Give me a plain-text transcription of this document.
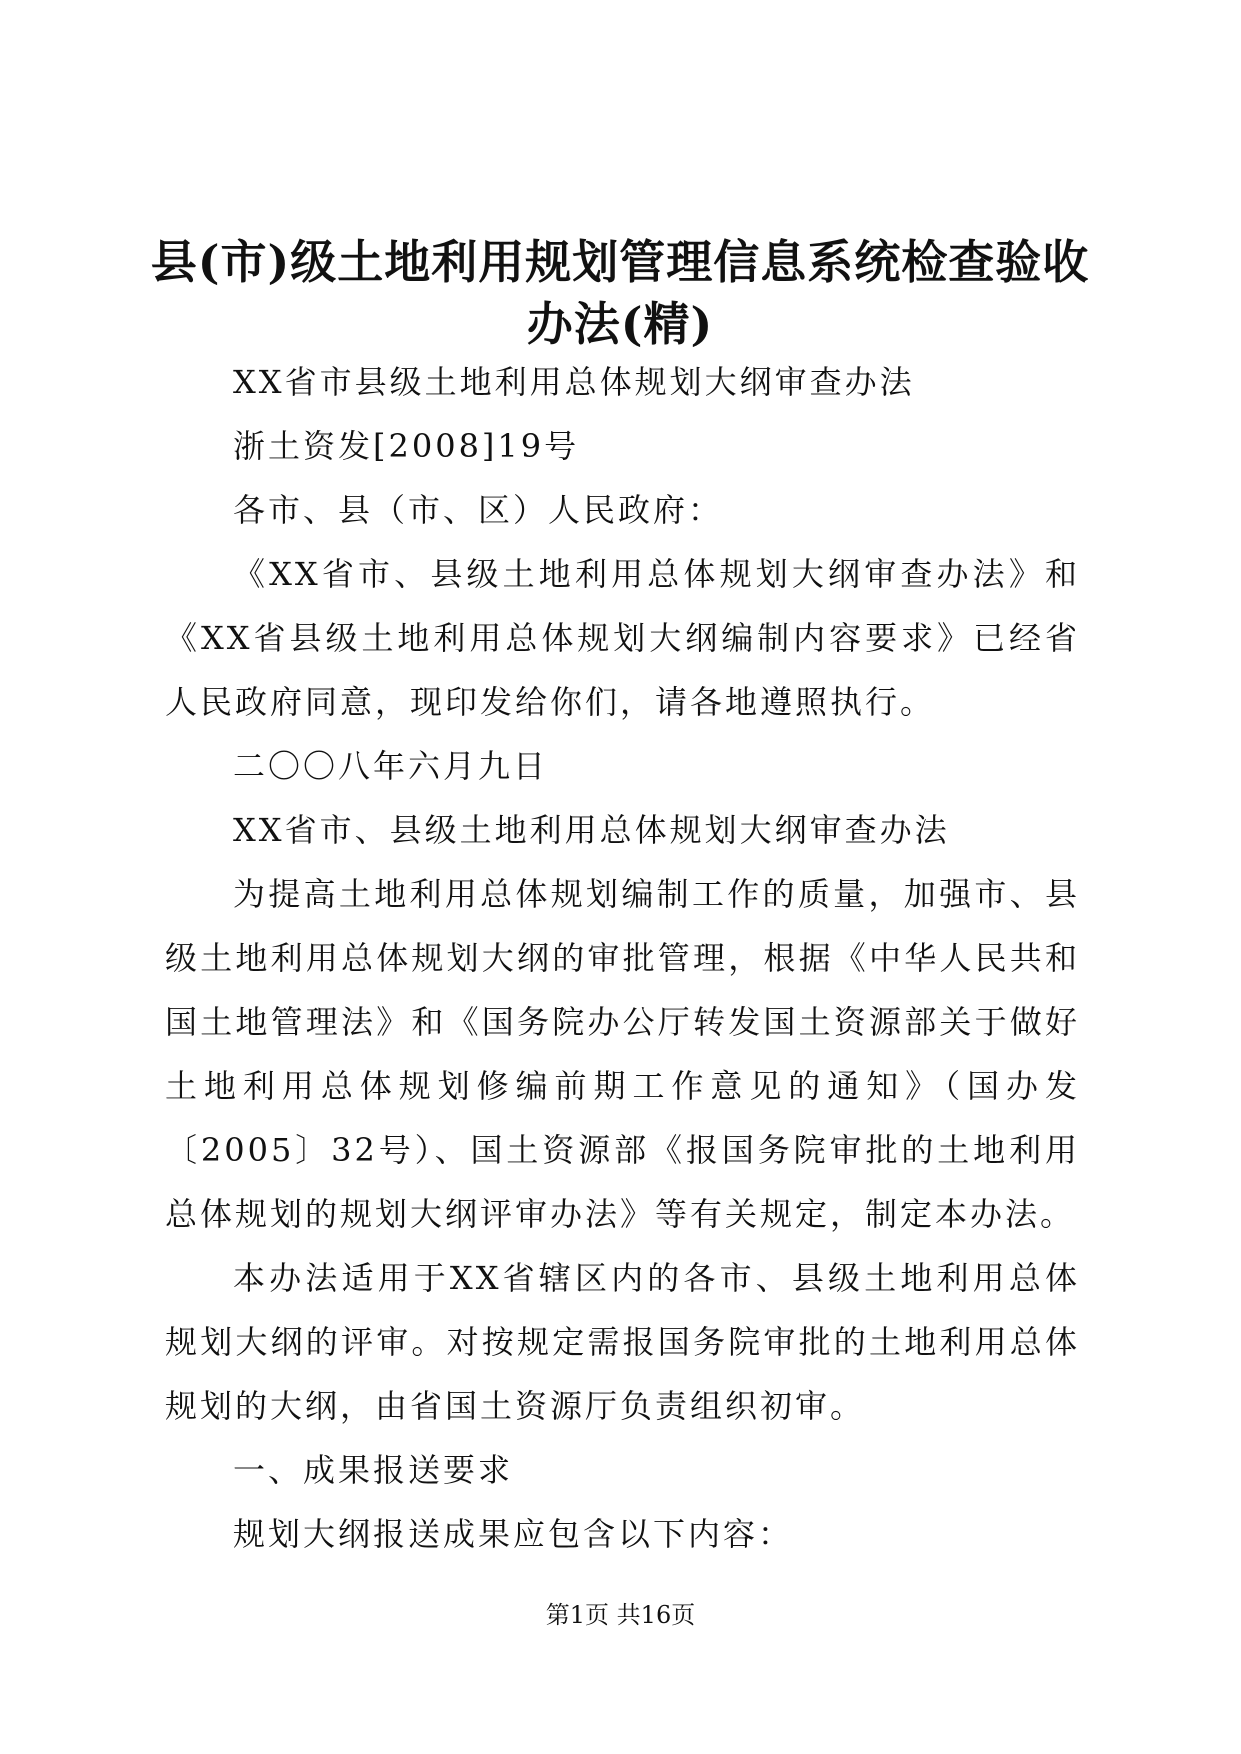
县(市)级土地利用规划管理信息系统检查验收办法(精)

XX省市县级土地利用总体规划大纲审查办法

浙土资发[2008]19号

各市、县（市、区）人民政府：

《XX省市、县级土地利用总体规划大纲审查办法》和《XX省县级土地利用总体规划大纲编制内容要求》已经省人民政府同意，现印发给你们，请各地遵照执行。

二〇〇八年六月九日

XX省市、县级土地利用总体规划大纲审查办法

为提高土地利用总体规划编制工作的质量，加强市、县级土地利用总体规划大纲的审批管理，根据《中华人民共和国土地管理法》和《国务院办公厅转发国土资源部关于做好土地利用总体规划修编前期工作意见的通知》（国办发〔2005〕32号）、国土资源部《报国务院审批的土地利用总体规划的规划大纲评审办法》等有关规定，制定本办法。

本办法适用于XX省辖区内的各市、县级土地利用总体规划大纲的评审。对按规定需报国务院审批的土地利用总体规划的大纲，由省国土资源厅负责组织初审。

一、成果报送要求

规划大纲报送成果应包含以下内容：

第1页 共16页
